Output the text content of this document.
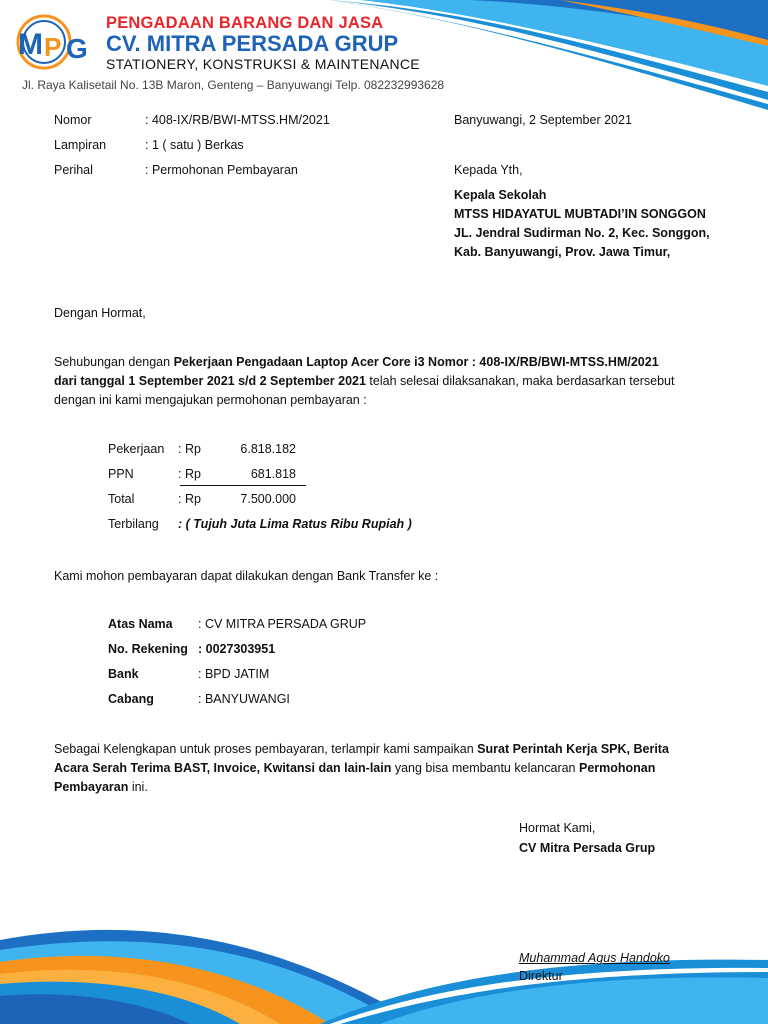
M P G
PENGADAAN BARANG DAN JASA
CV. MITRA PERSADA GRUP
STATIONERY, KONSTRUKSI & MAINTENANCE
Jl. Raya Kalisetail No. 13B Maron, Genteng – Banyuwangi Telp. 082232993628
Nomor	: 408-IX/RB/BWI-MTSS.HM/2021
Lampiran	: 1 ( satu ) Berkas
Perihal	: Permohonan Pembayaran
Banyuwangi, 2 September 2021
Kepada Yth,
Kepala Sekolah
MTSS HIDAYATUL MUBTADI’IN SONGGON
JL. Jendral Sudirman No. 2, Kec. Songgon,
Kab. Banyuwangi, Prov. Jawa Timur,
Dengan Hormat,
Sehubungan dengan Pekerjaan Pengadaan Laptop Acer Core i3 Nomor : 408-IX/RB/BWI-MTSS.HM/2021
dari tanggal 1 September 2021 s/d 2 September 2021 telah selesai dilaksanakan, maka berdasarkan tersebut
dengan ini kami mengajukan permohonan pembayaran :
Pekerjaan : Rp	6.818.182
PPN	: Rp	681.818
Total	: Rp	7.500.000
Terbilang : ( Tujuh Juta Lima Ratus Ribu Rupiah )
Kami mohon pembayaran dapat dilakukan dengan Bank Transfer ke :
Atas Nama : CV MITRA PERSADA GRUP
No. Rekening : 0027303951
Bank	: BPD JATIM
Cabang	: BANYUWANGI
Sebagai Kelengkapan untuk proses pembayaran, terlampir kami sampaikan Surat Perintah Kerja SPK, Berita
Acara Serah Terima BAST, Invoice, Kwitansi dan lain-lain yang bisa membantu kelancaran Permohonan
Pembayaran ini.
Hormat Kami,
CV Mitra Persada Grup
Muhammad Agus Handoko
Direktur
